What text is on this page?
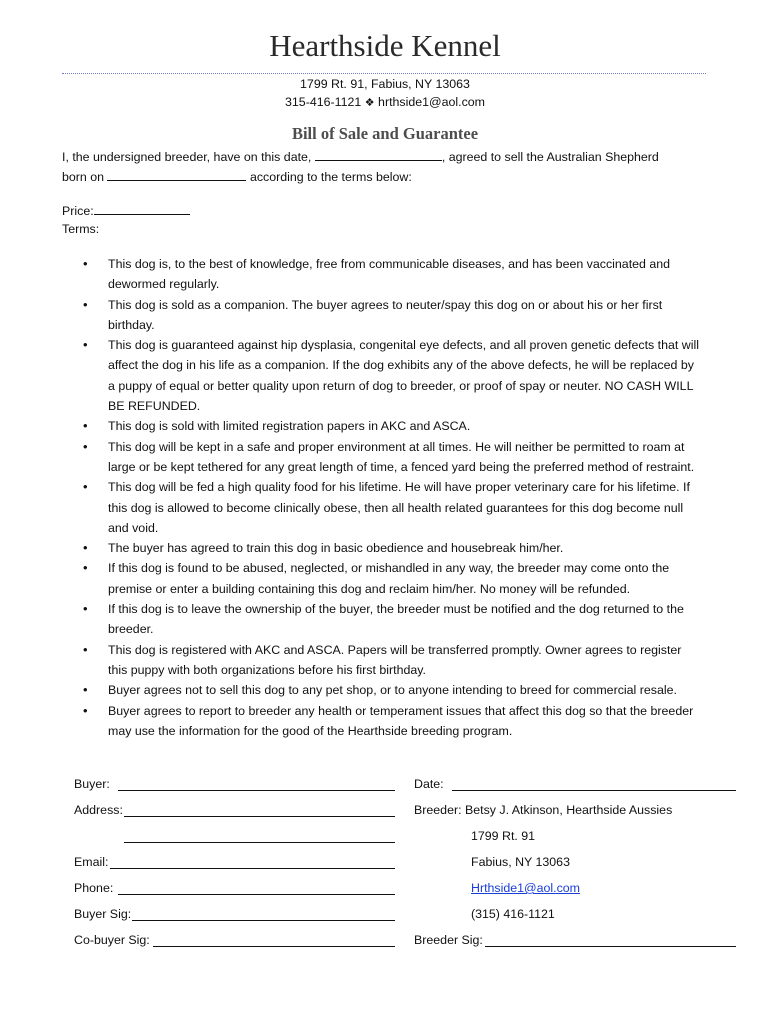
Hearthside Kennel
1799 Rt. 91, Fabius, NY 13063
315-416-1121 ❖ hrthside1@aol.com
Bill of Sale and Guarantee
I, the undersigned breeder, have on this date,	, agreed to sell the Australian Shepherd
born on	according to the terms below:
Price:
Terms:
• This dog is, to the best of knowledge, free from communicable diseases, and has been vaccinated and dewormed regularly.
• This dog is sold as a companion. The buyer agrees to neuter/spay this dog on or about his or her first birthday.
• This dog is guaranteed against hip dysplasia, congenital eye defects, and all proven genetic defects that will affect the dog in his life as a companion. If the dog exhibits any of the above defects, he will be replaced by a puppy of equal or better quality upon return of dog to breeder, or proof of spay or neuter. NO CASH WILL BE REFUNDED.
• This dog is sold with limited registration papers in AKC and ASCA.
• This dog will be kept in a safe and proper environment at all times. He will neither be permitted to roam at large or be kept tethered for any great length of time, a fenced yard being the preferred method of restraint.
• This dog will be fed a high quality food for his lifetime. He will have proper veterinary care for his lifetime. If this dog is allowed to become clinically obese, then all health related guarantees for this dog become null and void.
• The buyer has agreed to train this dog in basic obedience and housebreak him/her.
• If this dog is found to be abused, neglected, or mishandled in any way, the breeder may come onto the premise or enter a building containing this dog and reclaim him/her. No money will be refunded.
• If this dog is to leave the ownership of the buyer, the breeder must be notified and the dog returned to the breeder.
• This dog is registered with AKC and ASCA. Papers will be transferred promptly. Owner agrees to register this puppy with both organizations before his first birthday.
• Buyer agrees not to sell this dog to any pet shop, or to anyone intending to breed for commercial resale.
• Buyer agrees to report to breeder any health or temperament issues that affect this dog so that the breeder may use the information for the good of the Hearthside breeding program.
Buyer:
Address:
Email:
Phone:
Buyer Sig:
Co-buyer Sig:
Date:
Breeder: Betsy J. Atkinson, Hearthside Aussies
1799 Rt. 91
Fabius, NY 13063
Hrthside1@aol.com
(315) 416-1121
Breeder Sig:
